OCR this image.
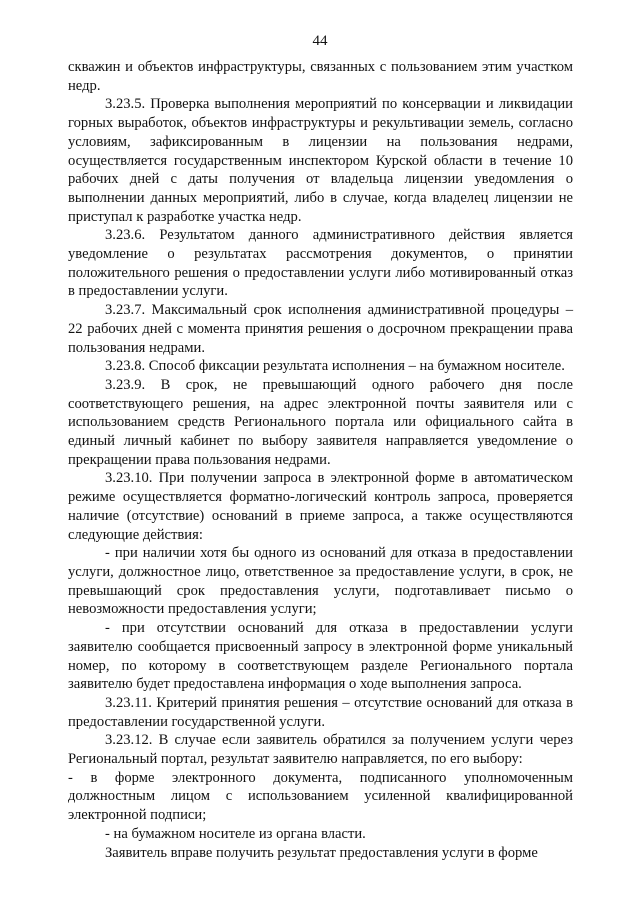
44

скважин и объектов инфраструктуры, связанных с пользованием этим участком недр.

3.23.5. Проверка выполнения мероприятий по консервации и ликвидации горных выработок, объектов инфраструктуры и рекультивации земель, согласно условиям, зафиксированным в лицензии на пользования недрами, осуществляется государственным инспектором Курской области в течение 10 рабочих дней с даты получения от владельца лицензии уведомления о выполнении данных мероприятий, либо в случае, когда владелец лицензии не приступал к разработке участка недр.

3.23.6. Результатом данного административного действия является уведомление о результатах рассмотрения документов, о принятии положительного решения о предоставлении услуги либо мотивированный отказ в предоставлении услуги.

3.23.7. Максимальный срок исполнения административной процедуры – 22 рабочих дней с момента принятия решения о досрочном прекращении права пользования недрами.

3.23.8. Способ фиксации результата исполнения – на бумажном носителе.

3.23.9. В срок, не превышающий одного рабочего дня после соответствующего решения, на адрес электронной почты заявителя или с использованием средств Регионального портала или официального сайта в единый личный кабинет по выбору заявителя направляется уведомление о прекращении права пользования недрами.

3.23.10. При получении запроса в электронной форме в автоматическом режиме осуществляется форматно-логический контроль запроса, проверяется наличие (отсутствие) оснований в приеме запроса, а также осуществляются следующие действия:

- при наличии хотя бы одного из оснований для отказа в предоставлении услуги, должностное лицо, ответственное за предоставление услуги, в срок, не превышающий срок предоставления услуги, подготавливает письмо о невозможности предоставления услуги;

- при отсутствии оснований для отказа в предоставлении услуги заявителю сообщается присвоенный запросу в электронной форме уникальный номер, по которому в соответствующем разделе Регионального портала заявителю будет предоставлена информация о ходе выполнения запроса.

3.23.11. Критерий принятия решения – отсутствие оснований для отказа в предоставлении государственной услуги.

3.23.12. В случае если заявитель обратился за получением услуги через Региональный портал, результат заявителю направляется, по его выбору:

- в форме электронного документа, подписанного уполномоченным должностным лицом с использованием усиленной квалифицированной электронной подписи;

- на бумажном носителе из органа власти.

Заявитель вправе получить результат предоставления услуги в форме
